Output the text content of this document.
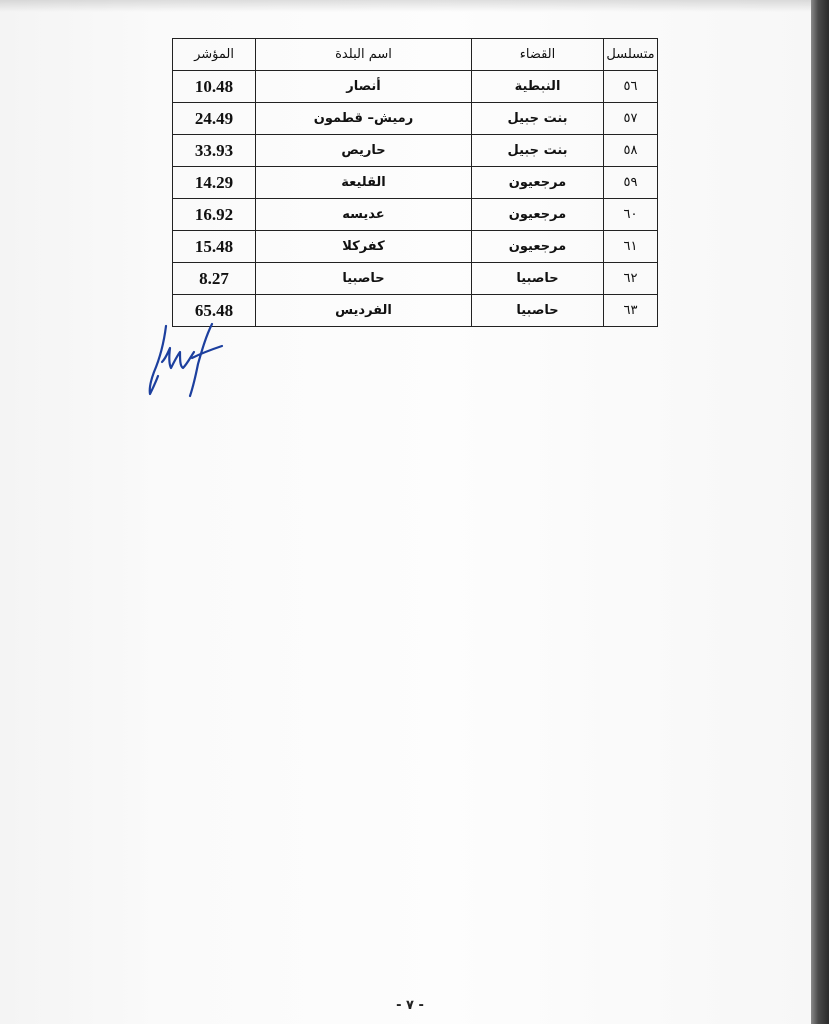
متسلسل	القضاء	اسم البلدة	المؤشر
٥٦	النبطية	أنصار	10.48
٥٧	بنت جبيل	رميش– قطمون	24.49
٥٨	بنت جبيل	حاريص	33.93
٥٩	مرجعيون	القليعة	14.29
٦٠	مرجعيون	عديسه	16.92
٦١	مرجعيون	كفركلا	15.48
٦٢	حاصبيا	حاصبيا	8.27
٦٣	حاصبيا	الفرديس	65.48
- ٧ -
